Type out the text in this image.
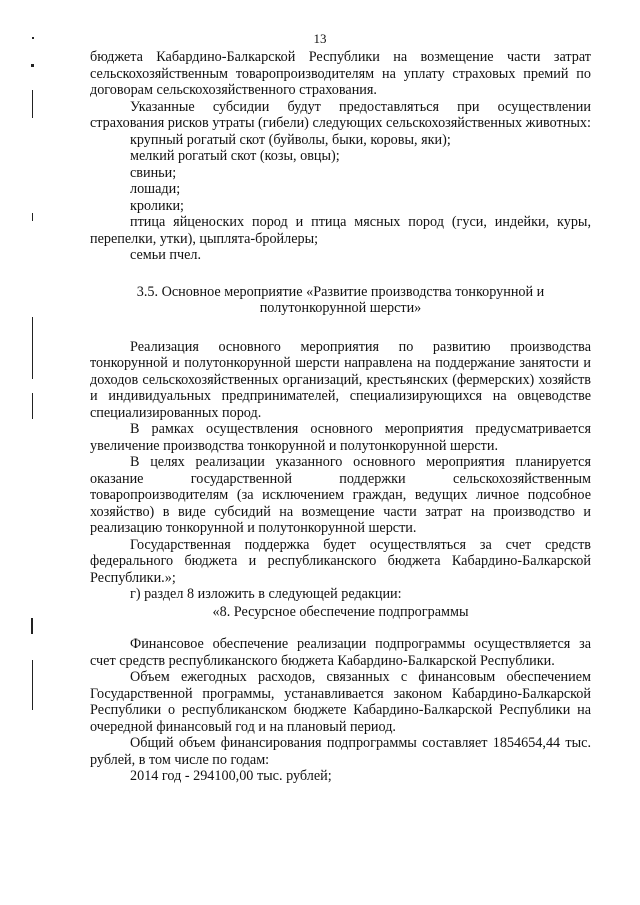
13

бюджета Кабардино-Балкарской Республики на возмещение части затрат сельскохозяйственным товаропроизводителям на уплату страховых премий по договорам сельскохозяйственного страхования.

Указанные субсидии будут предоставляться при осуществлении страхования рисков утраты (гибели) следующих сельскохозяйственных животных:

крупный рогатый скот (буйволы, быки, коровы, яки);

мелкий рогатый скот (козы, овцы);

свиньи;

лошади;

кролики;

птица яйценоских пород и птица мясных пород (гуси, индейки, куры, перепелки, утки), цыплята-бройлеры;

семьи пчел.

3.5. Основное мероприятие «Развитие производства тонкорунной и полутонкорунной шерсти»

Реализация основного мероприятия по развитию производства тонкорунной и полутонкорунной шерсти направлена на поддержание занятости и доходов сельскохозяйственных организаций, крестьянских (фермерских) хозяйств и индивидуальных предпринимателей, специализирующихся на овцеводстве специализированных пород.

В рамках осуществления основного мероприятия предусматривается увеличение производства тонкорунной и полутонкорунной шерсти.

В целях реализации указанного основного мероприятия планируется оказание государственной поддержки сельскохозяйственным товаропроизводителям (за исключением граждан, ведущих личное подсобное хозяйство) в виде субсидий на возмещение части затрат на производство и реализацию тонкорунной и полутонкорунной шерсти.

Государственная поддержка будет осуществляться за счет средств федерального бюджета и республиканского бюджета Кабардино-Балкарской Республики.»;

г) раздел 8 изложить в следующей редакции:

«8. Ресурсное обеспечение подпрограммы

Финансовое обеспечение реализации подпрограммы осуществляется за счет средств республиканского бюджета Кабардино-Балкарской Республики.

Объем ежегодных расходов, связанных с финансовым обеспечением Государственной программы, устанавливается законом Кабардино-Балкарской Республики о республиканском бюджете Кабардино-Балкарской Республики на очередной финансовый год и на плановый период.

Общий объем финансирования подпрограммы составляет 1854654,44 тыс. рублей, в том числе по годам:

2014 год - 294100,00 тыс. рублей;
